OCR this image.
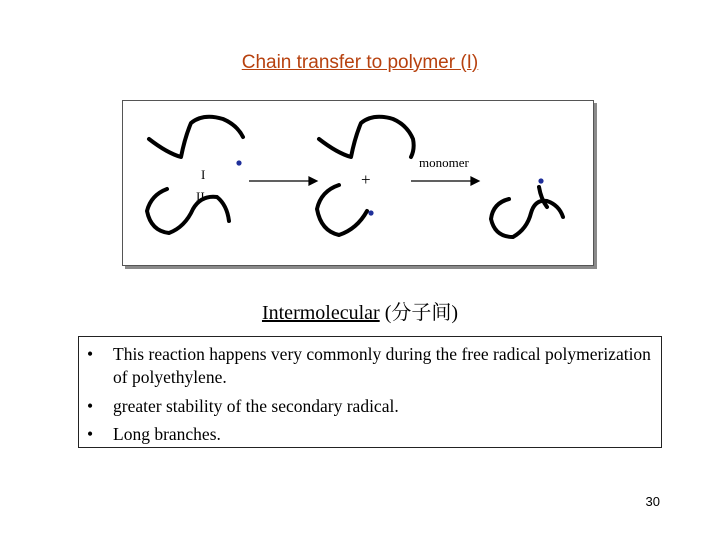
Chain transfer to polymer (I)
I
II
+
monomer
Intermolecular (分子间)
•	This reaction happens very commonly during the free radical polymerization of polyethylene.
•	greater stability of the secondary radical.
•	Long branches.
30
